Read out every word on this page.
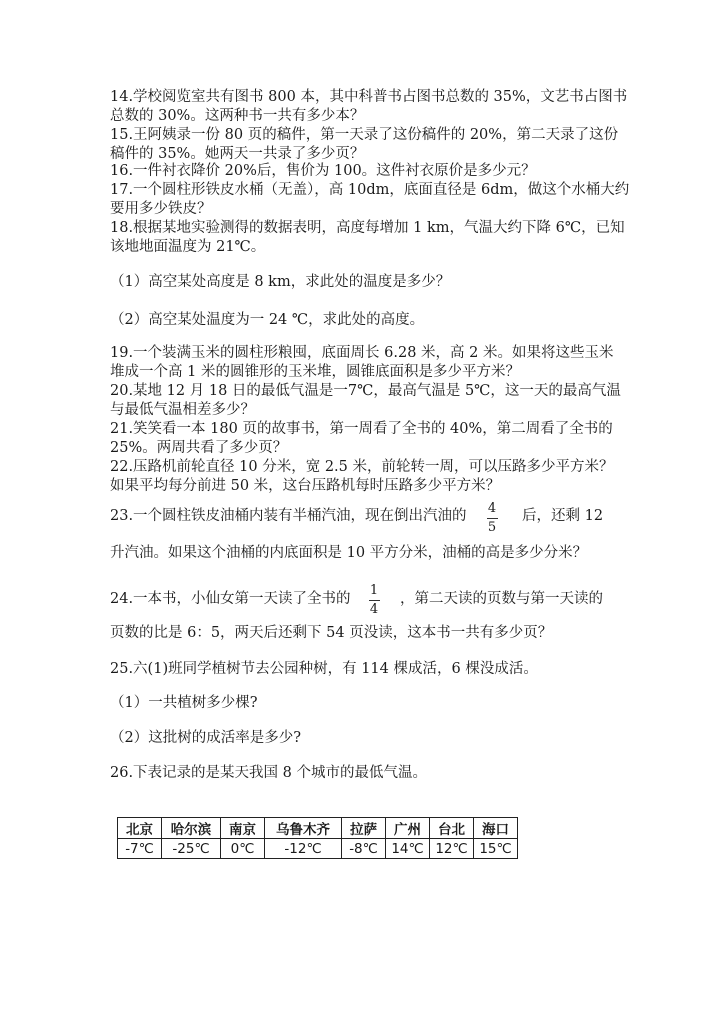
14.学校阅览室共有图书 800 本，其中科普书占图书总数的 35%，文艺书占图书
总数的 30%。这两种书一共有多少本？
15.王阿姨录一份 80 页的稿件，第一天录了这份稿件的 20%，第二天录了这份
稿件的 35%。她两天一共录了多少页？
16.一件衬衣降价 20%后，售价为 100。这件衬衣原价是多少元？
17.一个圆柱形铁皮水桶（无盖），高 10dm，底面直径是 6dm，做这个水桶大约
要用多少铁皮？
18.根据某地实验测得的数据表明，高度每增加 1 km，气温大约下降 6℃，已知
该地地面温度为 21℃。
（1）高空某处高度是 8 km，求此处的温度是多少？
（2）高空某处温度为一 24 ℃，求此处的高度。
19.一个装满玉米的圆柱形粮囤，底面周长 6.28 米，高 2 米。如果将这些玉米
堆成一个高 1 米的圆锥形的玉米堆，圆锥底面积是多少平方米？
20.某地 12 月 18 日的最低气温是一7℃，最高气温是 5℃，这一天的最高气温
与最低气温相差多少？
21.笑笑看一本 180 页的故事书，第一周看了全书的 40%，第二周看了全书的
25%。两周共看了多少页？
22.压路机前轮直径 10 分米，宽 2.5 米，前轮转一周，可以压路多少平方米？
如果平均每分前进 50 米，这台压路机每时压路多少平方米？
23.一个圆柱铁皮油桶内装有半桶汽油，现在倒出汽油的	4
5
后，还剩 12
升汽油。如果这个油桶的内底面积是 10 平方分米，油桶的高是多少分米？
24.一本书，小仙女第一天读了全书的
1
4
，第二天读的页数与第一天读的
页数的比是 6：5，两天后还剩下 54 页没读，这本书一共有多少页？
25.六(1)班同学植树节去公园种树，有 114 棵成活，6 棵没成活。
（1）一共植树多少棵?
（2）这批树的成活率是多少?
26.下表记录的是某天我国 8 个城市的最低气温。
北京	哈尔滨	南京	乌鲁木齐	拉萨	广州	台北	海口
-7℃	-25℃	0℃	-12℃	-8℃	14℃	12℃	15℃
